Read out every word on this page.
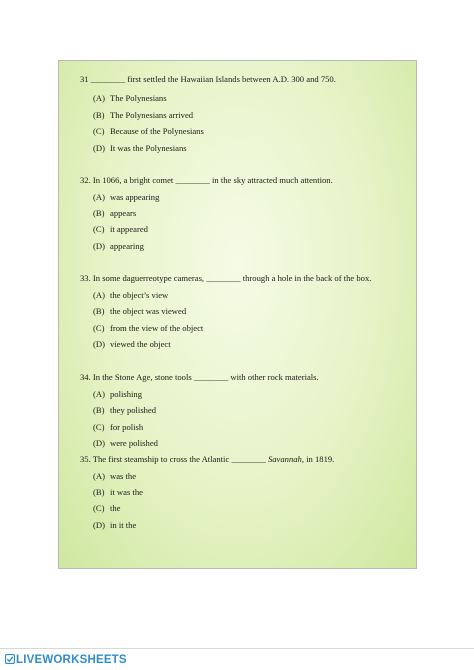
31 ________ first settled the Hawaiian Islands between A.D. 300 and 750.
(A) The Polynesians
(B) The Polynesians arrived
(C) Because of the Polynesians
(D) It was the Polynesians
32. In 1066, a bright comet ________ in the sky attracted much attention.
(A) was appearing
(B) appears
(C) it appeared
(D) appearing
33. In some daguerreotype cameras, ________ through a hole in the back of the box.
(A) the object’s view
(B) the object was viewed
(C) from the view of the object
(D) viewed the object
34. In the Stone Age, stone tools ________ with other rock materials.
(A) polishing
(B) they polished
(C) for polish
(D) were polished
35. The first steamship to cross the Atlantic ________ Savannah, in 1819.
(A) was the
(B) it was the
(C) the
(D) in it the
LIVEWORKSHEETS
